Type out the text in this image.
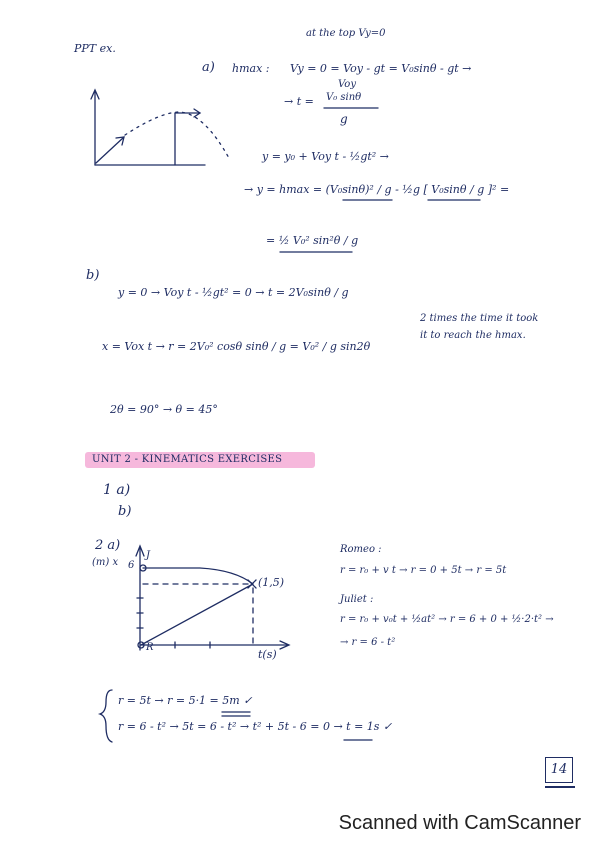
PPT ex.
at the top Vy=0
a) hmax : Vy = 0 = Voy - gt = V₀sinθ - gt →
→ t =
Voy
V₀ sinθ
g
y = y₀ + Voy t - ½gt² →
→ y = hmax = (V₀sinθ)² / g - ½g [ V₀sinθ / g ]² =
= ½ V₀² sin²θ / g
b)
y = 0 → Voy t - ½gt² = 0 → t = 2V₀sinθ / g
2 times the time it took it to reach the hmax.
x = Vox t → r = 2V₀² cosθ sinθ / g = V₀² / g sin2θ
2θ = 90° → θ = 45°
UNIT 2 - KINEMATICS EXERCISES
1 a)
b)
2 a)
(m) x 6
J
R
(1,5)
t(s)
Romeo :
r = r₀ + v t → r = 0 + 5t → r = 5t
Juliet :
r = r₀ + v₀t + ½at² → r = 6 + 0 + ½·2·t² →
→ r = 6 - t²
r = 5t → r = 5·1 = 5m ✓
r = 6 - t² → 5t = 6 - t² → t² + 5t - 6 = 0 → t = 1s ✓
14
Scanned with CamScanner
